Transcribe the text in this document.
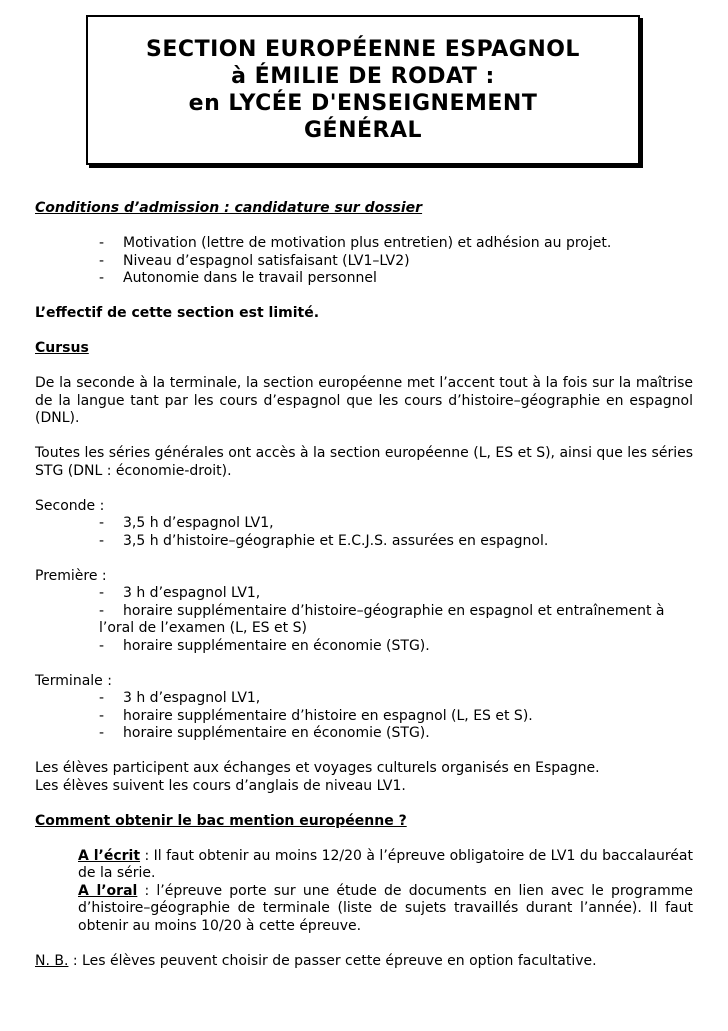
SECTION EUROPÉENNE ESPAGNOL
à ÉMILIE DE RODAT :
en LYCÉE D'ENSEIGNEMENT
GÉNÉRAL

Conditions d’admission : candidature sur dossier

- Motivation (lettre de motivation plus entretien) et adhésion au projet.

- Niveau d’espagnol satisfaisant (LV1–LV2)

- Autonomie dans le travail personnel

L’effectif de cette section est limité.

Cursus

De la seconde à la terminale, la section européenne met l’accent tout à la fois sur la maîtrise de la langue tant par les cours d’espagnol que les cours d’histoire–géographie en espagnol (DNL).

Toutes les séries générales ont accès à la section européenne (L, ES et S), ainsi que les séries STG (DNL : économie-droit).

Seconde :

- 3,5 h d’espagnol LV1,

- 3,5 h d’histoire–géographie et E.C.J.S. assurées en espagnol.

Première :

- 3 h d’espagnol LV1,

- horaire supplémentaire d’histoire–géographie en espagnol et entraînement à

l’oral de l’examen (L, ES et S)

- horaire supplémentaire en économie (STG).

Terminale :

- 3 h d’espagnol LV1,

- horaire supplémentaire d’histoire en espagnol (L, ES et S).

- horaire supplémentaire en économie (STG).

Les élèves participent aux échanges et voyages culturels organisés en Espagne.

Les élèves suivent les cours d’anglais de niveau LV1.

Comment obtenir le bac mention européenne ?

A l’écrit : Il faut obtenir au moins 12/20 à l’épreuve obligatoire de LV1 du baccalauréat de la série.

A l’oral : l’épreuve porte sur une étude de documents en lien avec le programme d’histoire–géographie de terminale (liste de sujets travaillés durant l’année). Il faut obtenir au moins 10/20 à cette épreuve.

N. B. : Les élèves peuvent choisir de passer cette épreuve en option facultative.
